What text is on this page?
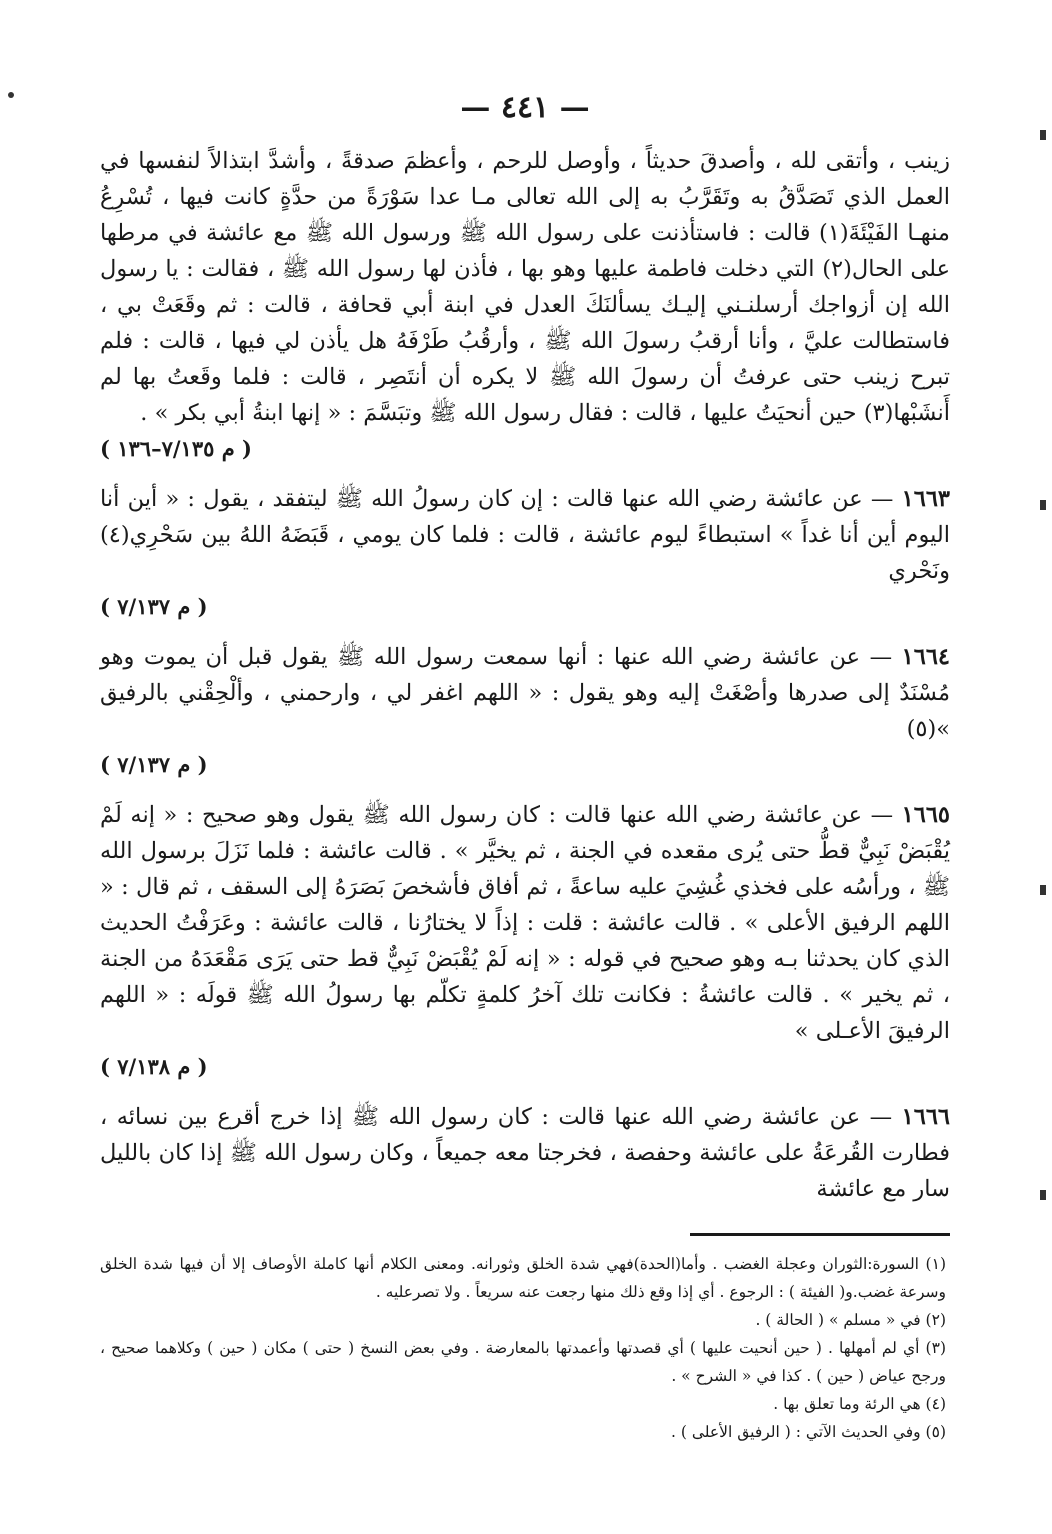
— ٤٤١ —

زينب ، وأتقى لله ، وأصدقَ حديثاً ، وأوصل للرحم ، وأعظمَ صدقةً ، وأشدَّ ابتذالاً لنفسها في العمل الذي تَصَدَّقُ به وتَقَرَّبُ به إلى الله تعالى مـا عدا سَوْرَةً من حدَّةٍ كانت فيها ، تُسْرِعُ منهـا الفَيْئَةَ(١) قالت : فاستأذنت على رسول الله ﷺ ورسول الله ﷺ مع عائشة في مرطها على الحال(٢) التي دخلت فاطمة عليها وهو بها ، فأذن لها رسول الله ﷺ ، فقالت : يا رسول الله إن أزواجك أرسلنـني إليـك يسألنَكَ العدل في ابنة أبي قحافة ، قالت : ثم وقَعَتْ بي ، فاستطالت عليَّ ، وأنا أرقبُ رسولَ الله ﷺ ، وأرقُبُ طَرْفَهُ هل يأذن لي فيها ، قالت : فلم تبرح زينب حتى عرفتُ أن رسولَ الله ﷺ لا يكره أن أنتَصِر ، قالت : فلما وقَعتُ بها لم أَنشَبْها(٣) حين أنحيَتُ عليها ، قالت : فقال رسول الله ﷺ وتبَسَّمَ : « إنها ابنةُ أبي بكر » .

( م ٧/١٣٥–١٣٦ )

١٦٦٣ — عن عائشة رضي الله عنها قالت : إن كان رسولُ الله ﷺ ليتفقد ، يقول : « أين أنا اليوم أين أنا غداً » استبطاءً ليوم عائشة ، قالت : فلما كان يومي ، قَبَضَهُ اللهُ بين سَحْرِي(٤) ونَحْري

( م ٧/١٣٧ )

١٦٦٤ — عن عائشة رضي الله عنها : أنها سمعت رسول الله ﷺ يقول قبل أن يموت وهو مُسْنَدٌ إلى صدرها وأصْغَتْ إليه وهو يقول : « اللهم اغفر لي ، وارحمني ، وألْحِقْني بالرفيق »(٥)

( م ٧/١٣٧ )

١٦٦٥ — عن عائشة رضي الله عنها قالت : كان رسول الله ﷺ يقول وهو صحيح : « إنه لَمْ يُقْبَضْ نَبِيٌّ قطُّ حتى يُرى مقعده في الجنة ، ثم يخيَّر » . قالت عائشة : فلما نَزَلَ برسول الله ﷺ ، ورأسُه على فخذي غُشِيَ عليه ساعةً ، ثم أفاق فأشخصَ بَصَرَهُ إلى السقف ، ثم قال : « اللهم الرفيق الأعلى » . قالت عائشة : قلت : إذاً لا يختارُنا ، قالت عائشة : وعَرَفْتُ الحديث الذي كان يحدثنا بـه وهو صحيح في قوله : « إنه لَمْ يُقْبَضْ نَبِيٌّ قط حتى يَرَى مَقْعَدَهُ من الجنة ، ثم يخير » . قالت عائشةُ : فكانت تلك آخرُ كلمةٍ تكلّم بها رسولُ الله ﷺ قولَه : « اللهم الرفيقَ الأعـلى »

( م ٧/١٣٨ )

١٦٦٦ — عن عائشة رضي الله عنها قالت : كان رسول الله ﷺ إذا خرج أقرع بين نسائه ، فطارت القُرعَةُ على عائشة وحفصة ، فخرجتا معه جميعاً ، وكان رسول الله ﷺ إذا كان بالليل سار مع عائشة

(١) السورة:الثوران وعجلة الغضب . وأما(الحدة)فهي شدة الخلق وثورانه. ومعنى الكلام أنها كاملة الأوصاف إلا أن فيها شدة الخلق وسرعة غضب.و( الفيئة ) : الرجوع . أي إذا وقع ذلك منها رجعت عنه سريعاً . ولا تصرعليه .

(٢) في « مسلم » ( الحالة ) .

(٣) أي لم أمهلها . ( حين أنحيت عليها ) أي قصدتها وأعمدتها بالمعارضة . وفي بعض النسخ ( حتى ) مكان ( حين ) وكلاهما صحيح ، ورجح عياض ( حين ) . كذا في « الشرح » .

(٤) هي الرئة وما تعلق بها .

(٥) وفي الحديث الآتي : ( الرفيق الأعلى ) .
